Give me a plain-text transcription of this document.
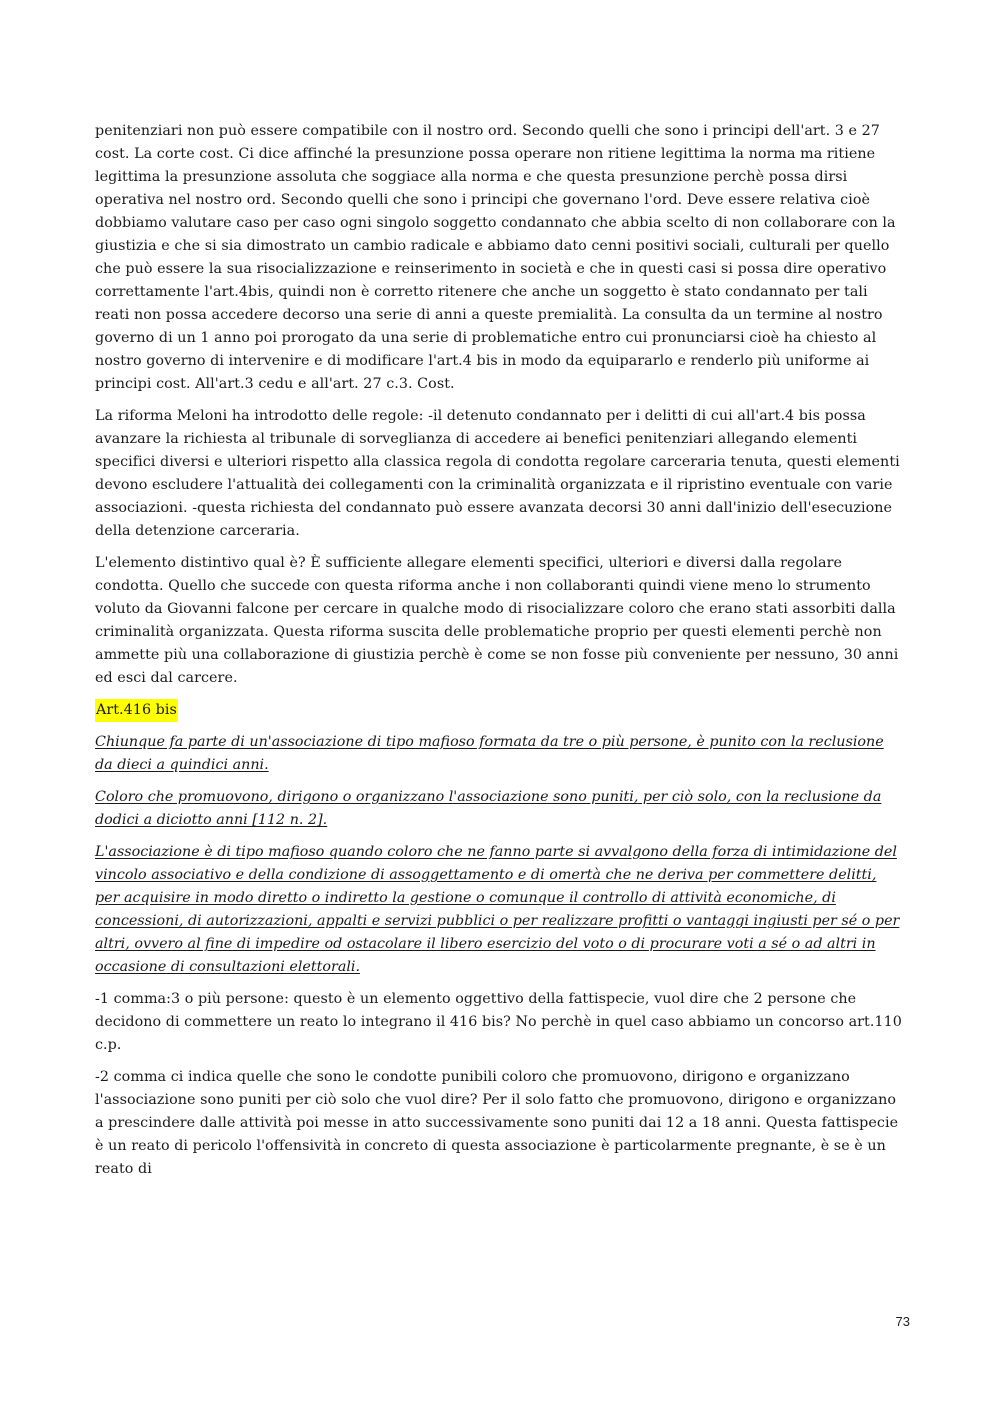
penitenziari non può essere compatibile con il nostro ord. Secondo quelli che sono i principi dell'art. 3 e 27 cost. La corte cost. Ci dice affinché la presunzione possa operare non ritiene legittima la norma ma ritiene legittima la presunzione assoluta che soggiace alla norma e che questa presunzione perchè possa dirsi operativa nel nostro ord. Secondo quelli che sono i principi che governano l'ord. Deve essere relativa cioè dobbiamo valutare caso per caso ogni singolo soggetto condannato che abbia scelto di non collaborare con la giustizia e che si sia dimostrato un cambio radicale e abbiamo dato cenni positivi sociali, culturali per quello che può essere la sua risocializzazione e reinserimento in società e che in questi casi si possa dire operativo correttamente l'art.4bis, quindi non è corretto ritenere che anche un soggetto è stato condannato per tali reati non possa accedere decorso una serie di anni a queste premialità. La consulta da un termine al nostro governo di un 1 anno poi prorogato da una serie di problematiche entro cui pronunciarsi cioè ha chiesto al nostro governo di intervenire e di modificare l'art.4 bis in modo da equipararlo e renderlo più uniforme ai principi cost. All'art.3 cedu e all'art. 27 c.3. Cost.

La riforma Meloni ha introdotto delle regole: -il detenuto condannato per i delitti di cui all'art.4 bis possa avanzare la richiesta al tribunale di sorveglianza di accedere ai benefici penitenziari allegando elementi specifici diversi e ulteriori rispetto alla classica regola di condotta regolare carceraria tenuta, questi elementi devono escludere l'attualità dei collegamenti con la criminalità organizzata e il ripristino eventuale con varie associazioni. -questa richiesta del condannato può essere avanzata decorsi 30 anni dall'inizio dell'esecuzione della detenzione carceraria.

L'elemento distintivo qual è? È sufficiente allegare elementi specifici, ulteriori e diversi dalla regolare condotta. Quello che succede con questa riforma anche i non collaboranti quindi viene meno lo strumento voluto da Giovanni falcone per cercare in qualche modo di risocializzare coloro che erano stati assorbiti dalla criminalità organizzata. Questa riforma suscita delle problematiche proprio per questi elementi perchè non ammette più una collaborazione di giustizia perchè è come se non fosse più conveniente per nessuno, 30 anni ed esci dal carcere.

Art.416 bis

Chiunque fa parte di un'associazione di tipo mafioso formata da tre o più persone, è punito con la reclusione da dieci a quindici anni.

Coloro che promuovono, dirigono o organizzano l'associazione sono puniti, per ciò solo, con la reclusione da dodici a diciotto anni [112 n. 2].

L'associazione è di tipo mafioso quando coloro che ne fanno parte si avvalgono della forza di intimidazione del vincolo associativo e della condizione di assoggettamento e di omertà che ne deriva per commettere delitti, per acquisire in modo diretto o indiretto la gestione o comunque il controllo di attività economiche, di concessioni, di autorizzazioni, appalti e servizi pubblici o per realizzare profitti o vantaggi ingiusti per sé o per altri, ovvero al fine di impedire od ostacolare il libero esercizio del voto o di procurare voti a sé o ad altri in occasione di consultazioni elettorali.

-1 comma:3 o più persone: questo è un elemento oggettivo della fattispecie, vuol dire che 2 persone che decidono di commettere un reato lo integrano il 416 bis? No perchè in quel caso abbiamo un concorso art.110 c.p.

-2 comma ci indica quelle che sono le condotte punibili coloro che promuovono, dirigono e organizzano l'associazione sono puniti per ciò solo che vuol dire? Per il solo fatto che promuovono, dirigono e organizzano a prescindere dalle attività poi messe in atto successivamente sono puniti dai 12 a 18 anni. Questa fattispecie è un reato di pericolo l'offensività in concreto di questa associazione è particolarmente pregnante, è se è un reato di

73
